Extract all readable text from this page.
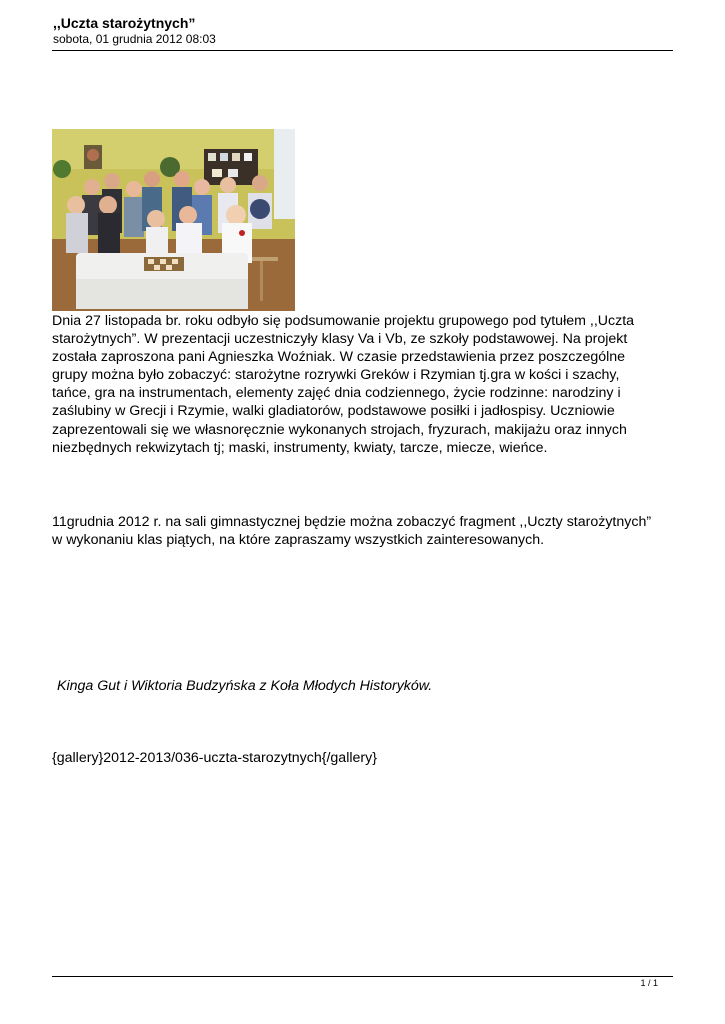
,,Uczta starożytnych”
sobota, 01 grudnia 2012 08:03
Dnia 27 listopada br. roku odbyło się podsumowanie projektu grupowego pod tytułem ,,Uczta
starożytnych”. W prezentacji uczestniczyły klasy Va i Vb, ze szkoły podstawowej. Na projekt
została zaproszona pani Agnieszka Woźniak. W czasie przedstawienia przez poszczególne
grupy można było zobaczyć: starożytne rozrywki Greków i Rzymian tj.gra w kości i szachy,
tańce, gra na instrumentach, elementy zajęć dnia codziennego, życie rodzinne: narodziny i
zaślubiny w Grecji i Rzymie, walki gladiatorów, podstawowe posiłki i jadłospisy. Uczniowie
zaprezentowali się we własnoręcznie wykonanych strojach, fryzurach, makijażu oraz innych
niezbędnych rekwizytach tj; maski, instrumenty, kwiaty, tarcze, miecze, wieńce.
11grudnia 2012 r. na sali gimnastycznej będzie można zobaczyć fragment ,,Uczty starożytnych”
w wykonaniu klas piątych, na które zapraszamy wszystkich zainteresowanych.
Kinga Gut i Wiktoria Budzyńska z Koła Młodych Historyków.
{gallery}2012-2013/036-uczta-starozytnych{/gallery}
1 / 1
